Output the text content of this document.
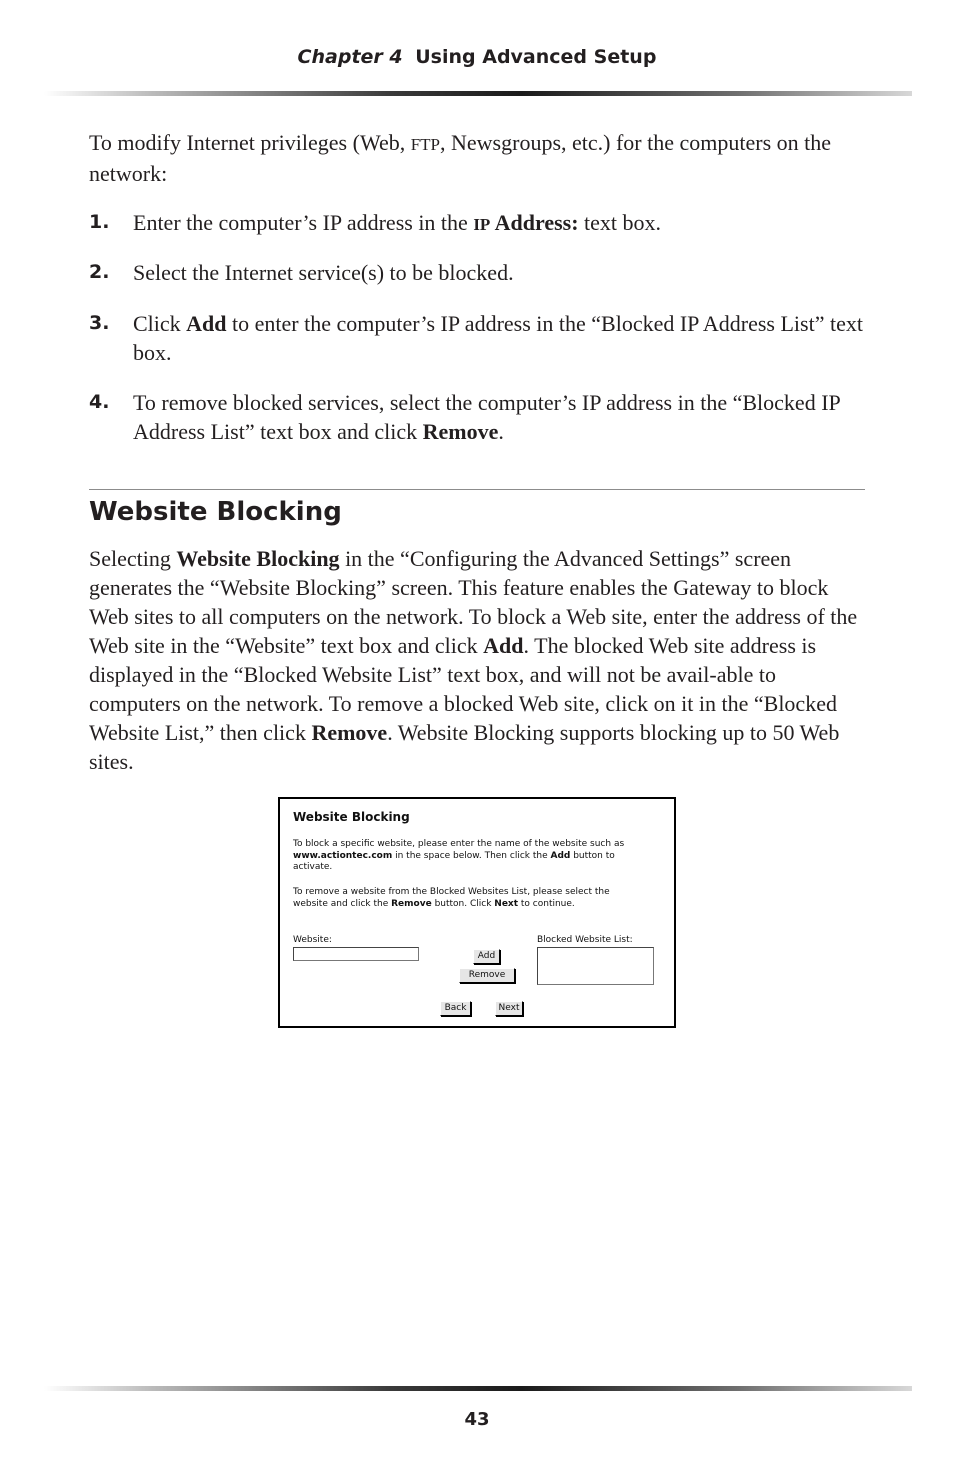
Chapter 4 Using Advanced Setup
To modify Internet privileges (Web, FTP, Newsgroups, etc.) for the computers on the network:
1. Enter the computer’s IP address in the IP Address: text box.
2. Select the Internet service(s) to be blocked.
3. Click Add to enter the computer’s IP address in the “Blocked IP Address List” text box.
4. To remove blocked services, select the computer’s IP address in the “Blocked IP Address List” text box and click Remove.
Website Blocking
Selecting Website Blocking in the “Configuring the Advanced Settings” screen generates the “Website Blocking” screen. This feature enables the Gateway to block Web sites to all computers on the network. To block a Web site, enter the address of the Web site in the “Website” text box and click Add. The blocked Web site address is displayed in the “Blocked Website List” text box, and will not be avail-able to computers on the network. To remove a blocked Web site, click on it in the “Blocked Website List,” then click Remove. Website Blocking supports blocking up to 50 Web sites.
Website Blocking
To block a specific website, please enter the name of the website such as
www.actiontec.com in the space below. Then click the Add button to
activate.
To remove a website from the Blocked Websites List, please select the
website and click the Remove button. Click Next to continue.
Website:	Blocked Website List:
Add
Remove
Back	Next
43
